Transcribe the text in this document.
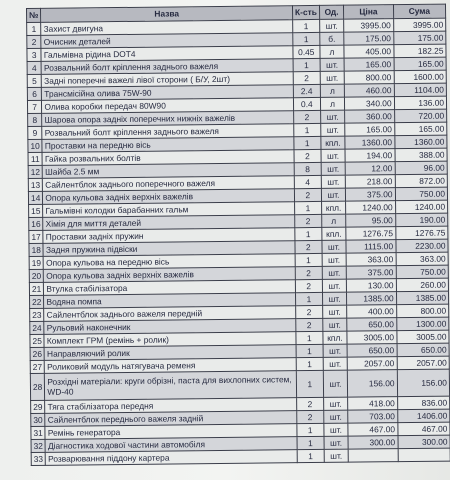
№	Назва	К-сть	Од.	Ціна	Сума
1	Захист двигуна	1	шт.	3995.00	3995.00
2	Очисник деталей	1	б.	175.00	175.00
3	Гальмівна рідина DOT4	0.45	л	405.00	182.25
4	Розвальний болт кріплення заднього важеля	1	шт.	165.00	165.00
5	Задні поперечні важелі лівої сторони ( Б/У, 2шт)	2	шт.	800.00	1600.00
6	Трансмісійна олива 75W-90	2.4	л	460.00	1104.00
7	Олива коробки передач 80W90	0.4	л	340.00	136.00
8	Шарова опора задніх поперечних нижніх важелів	2	шт.	360.00	720.00
9	Розвальний болт кріплення заднього важеля	1	шт.	165.00	165.00
10	Проставки на передню вісь	1	кпл.	1360.00	1360.00
11	Гайка розвальних болтів	2	шт.	194.00	388.00
12	Шайба 2.5 мм	8	шт.	12.00	96.00
13	Сайлентблок заднього поперечного важеля	4	шт.	218.00	872.00
14	Опора кульова задніх верхніх важелів	2	шт.	375.00	750.00
15	Гальмівні колодки барабанних гальм	1	кпл.	1240.00	1240.00
16	Хімія для миття деталей	2	л	95.00	190.00
17	Проставки задніх пружин	1	кпл.	1276.75	1276.75
18	Задня пружина підвіски	2	шт.	1115.00	2230.00
19	Опора кульова на передню вісь	1	шт.	363.00	363.00
20	Опора кульова задніх верхніх важелів	2	шт.	375.00	750.00
21	Втулка стабілізатора	2	шт.	130.00	260.00
22	Водяна помпа	1	шт.	1385.00	1385.00
23	Сайлентблок заднього важеля передній	2	шт.	400.00	800.00
24	Рульовий наконечник	2	шт.	650.00	1300.00
25	Комплект ГРМ (ремінь + ролик)	1	кпл.	3005.00	3005.00
26	Направляючий ролик	1	шт.	650.00	650.00
27	Роликовий модуль натягувача ременя	1	шт.	2057.00	2057.00
28	Розхідні матеріали: круги обрізні, паста для вихлопних систем, WD-40	1	шт.	156.00	156.00
29	Тяга стабілізатора передня	2	шт.	418.00	836.00
30	Сайлентблок переднього важеля задній	2	шт.	703.00	1406.00
31	Ремінь генератора	1	шт.	467.00	467.00
32	Діагностика ходової частини автомобіля	1	шт.	300.00	300.00
33	Розварювання піддону картера	1	шт.		
